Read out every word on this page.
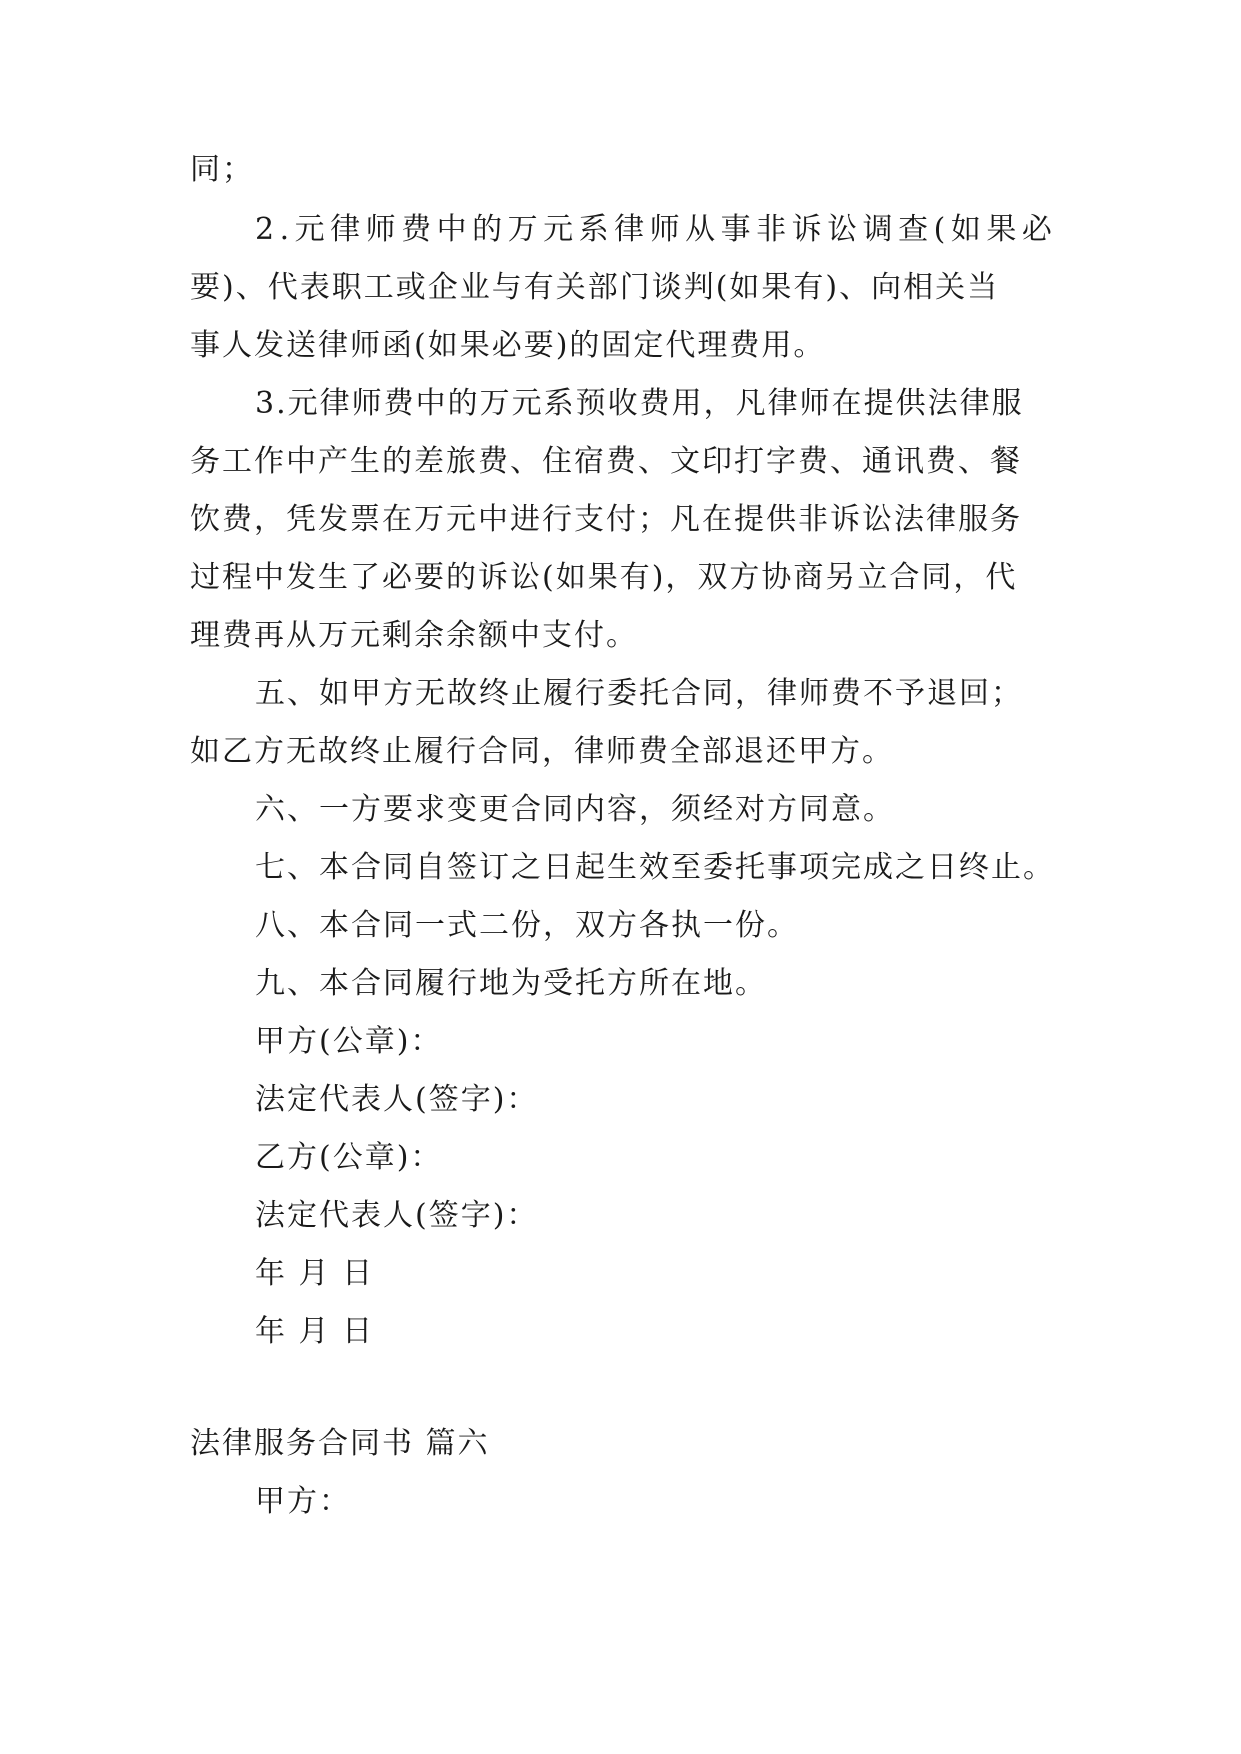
同；
2.元律师费中的万元系律师从事非诉讼调查(如果必
要)、代表职工或企业与有关部门谈判(如果有)、向相关当
事人发送律师函(如果必要)的固定代理费用。
3.元律师费中的万元系预收费用，凡律师在提供法律服
务工作中产生的差旅费、住宿费、文印打字费、通讯费、餐
饮费，凭发票在万元中进行支付；凡在提供非诉讼法律服务
过程中发生了必要的诉讼(如果有)，双方协商另立合同，代
理费再从万元剩余余额中支付。
五、如甲方无故终止履行委托合同，律师费不予退回；
如乙方无故终止履行合同，律师费全部退还甲方。
六、一方要求变更合同内容，须经对方同意。
七、本合同自签订之日起生效至委托事项完成之日终止。
八、本合同一式二份，双方各执一份。
九、本合同履行地为受托方所在地。
甲方(公章)：
法定代表人(签字)：
乙方(公章)：
法定代表人(签字)：
年 月 日
年 月 日
法律服务合同书 篇六
甲方：
